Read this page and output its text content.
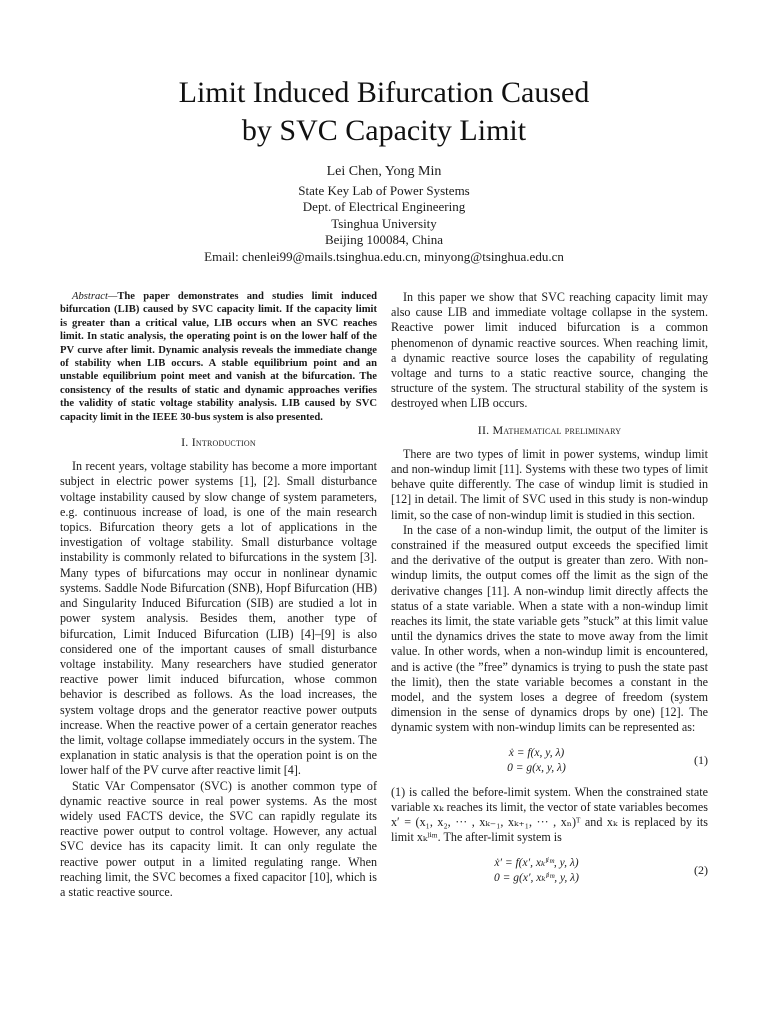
Limit Induced Bifurcation Caused
by SVC Capacity Limit
Lei Chen, Yong Min
State Key Lab of Power Systems
Dept. of Electrical Engineering
Tsinghua University
Beijing 100084, China
Email: chenlei99@mails.tsinghua.edu.cn, minyong@tsinghua.edu.cn

Abstract—The paper demonstrates and studies limit induced bifurcation (LIB) caused by SVC capacity limit. If the capacity limit is greater than a critical value, LIB occurs when an SVC reaches limit. In static analysis, the operating point is on the lower half of the PV curve after limit. Dynamic analysis reveals the immediate change of stability when LIB occurs. A stable equilibrium point and an unstable equilibrium point meet and vanish at the bifurcation. The consistency of the results of static and dynamic approaches verifies the validity of static voltage stability analysis. LIB caused by SVC capacity limit in the IEEE 30-bus system is also presented.

I. Introduction

In recent years, voltage stability has become a more important subject in electric power systems [1], [2]. Small disturbance voltage instability caused by slow change of system parameters, e.g. continuous increase of load, is one of the main research topics. Bifurcation theory gets a lot of applications in the investigation of voltage stability. Small disturbance voltage instability is commonly related to bifurcations in the system [3]. Many types of bifurcations may occur in nonlinear dynamic systems. Saddle Node Bifurcation (SNB), Hopf Bifurcation (HB) and Singularity Induced Bifurcation (SIB) are studied a lot in power system analysis. Besides them, another type of bifurcation, Limit Induced Bifurcation (LIB) [4]–[9] is also considered one of the important causes of small disturbance voltage instability. Many researchers have studied generator reactive power limit induced bifurcation, whose common behavior is described as follows. As the load increases, the system voltage drops and the generator reactive power outputs increase. When the reactive power of a certain generator reaches the limit, voltage collapse immediately occurs in the system. The explanation in static analysis is that the operation point is on the lower half of the PV curve after reactive limit [4].

Static VAr Compensator (SVC) is another common type of dynamic reactive source in real power systems. As the most widely used FACTS device, the SVC can rapidly regulate its reactive power output to control voltage. However, any actual SVC device has its capacity limit. It can only regulate the reactive power output in a limited regulating range. When reaching limit, the SVC becomes a fixed capacitor [10], which is a static reactive source.

In this paper we show that SVC reaching capacity limit may also cause LIB and immediate voltage collapse in the system. Reactive power limit induced bifurcation is a common phenomenon of dynamic reactive sources. When reaching limit, a dynamic reactive source loses the capability of regulating voltage and turns to a static reactive source, changing the structure of the system. The structural stability of the system is destroyed when LIB occurs.

II. Mathematical preliminary

There are two types of limit in power systems, windup limit and non-windup limit [11]. Systems with these two types of limit behave quite differently. The case of windup limit is studied in [12] in detail. The limit of SVC used in this study is non-windup limit, so the case of non-windup limit is studied in this section.

In the case of a non-windup limit, the output of the limiter is constrained if the measured output exceeds the specified limit and the derivative of the output is greater than zero. With non-windup limits, the output comes off the limit as the sign of the derivative changes [11]. A non-windup limit directly affects the status of a state variable. When a state with a non-windup limit reaches its limit, the state variable gets ”stuck” at this limit value until the dynamics drives the state to move away from the limit value. In other words, when a non-windup limit is encountered, and is active (the ”free” dynamics is trying to push the state past the limit), then the state variable becomes a constant in the model, and the system loses a degree of freedom (system dimension in the sense of dynamics drops by one) [12]. The dynamic system with non-windup limits can be represented as:

ẋ = f(x, y, λ)
0 = g(x, y, λ)
(1)

(1) is called the before-limit system. When the constrained state variable xₖ reaches its limit, the vector of state variables becomes x′ = (x₁, x₂, ··· , xₖ₋₁, xₖ₊₁, ··· , xₙ)ᵀ and xₖ is replaced by its limit xₖˡⁱᵐ. The after-limit system is

ẋ′ = f(x′, xₖˡⁱᵐ, y, λ)
0 = g(x′, xₖˡⁱᵐ, y, λ)
(2)
